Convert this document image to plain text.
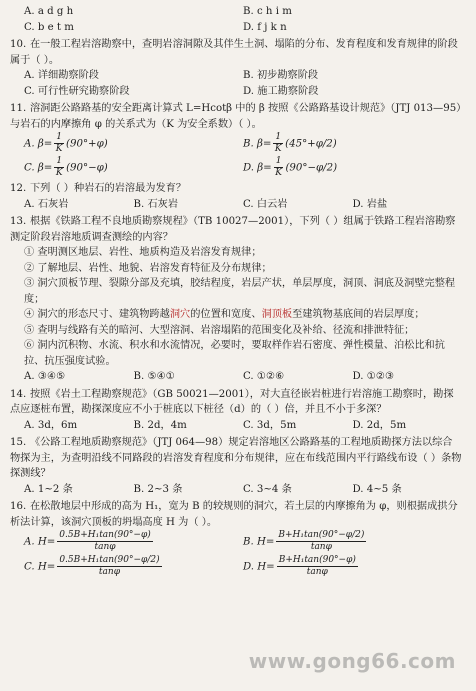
A. a d g h	B. c h i m
C. b e t m	D. f j k n
10. 在一般工程岩溶勘察中，查明岩溶洞隙及其伴生土洞、塌陷的分布、发育程度和发育规律的阶段属于（ ）。
A. 详细勘察阶段	B. 初步勘察阶段
C. 可行性研究勘察阶段	D. 施工勘察阶段
11. 溶洞距公路路基的安全距离计算式 L=Hcotβ 中的 β 按照《公路路基设计规范》（JTJ 013—95）与岩石的内摩擦角 φ 的关系式为（K 为安全系数）（ ）。
A. $\beta= \frac{1}{K} (90^\circ+\varphi)$	B. $\beta= \frac{1}{K} (45^\circ+\varphi/2)$
C. $\beta= \frac{1}{K} (90^\circ-\varphi)$	D. $\beta= \frac{1}{K} (90^\circ-\varphi/2)$
12. 下列（ ）种岩石的岩溶最为发育？
A. 石灰岩	B. 石灰岩	C. 白云岩	D. 岩盐
13. 根据《铁路工程不良地质勘察规程》（TB 10027—2001），下列（ ）组属于铁路工程岩溶勘察测定阶段岩溶地质调查测绘的内容？
① 查明测区地层、岩性、地质构造及岩溶发育规律；
② 了解地层、岩性、地貌、岩溶发育特征及分布规律；
③ 洞穴顶板节理、裂隙分部及充填，胶结程度，岩层产状，单层厚度，洞顶、洞底及洞壁完整程度；
④ 洞穴的形态尺寸、建筑物跨越洞穴的位置和宽度、洞顶板至建筑物基底间的岩层厚度；
⑤ 查明与线路有关的暗河、大型溶洞、岩溶塌陷的范围变化及补给、径流和排泄特征；
⑥ 洞内沉积物、水流、积水和水流情况，必要时，要取样作岩石密度、弹性模量、泊松比和抗拉、抗压强度试验。
A. ③④⑤	B. ⑤④①	C. ①②⑥	D. ①②③
14. 按照《岩土工程勘察规范》（GB 50021—2001），对大直径嵌岩桩进行岩溶施工勘察时，勘探点应逐桩布置，勘探深度应不小于桩底以下桩径（d）的（ ）倍，并且不小于多深？
A. 3d，6m	B. 2d，4m	C. 3d，5m	D. 2d，5m
15. 《公路工程地质勘察规范》（JTJ 064—98）规定岩溶地区公路路基的工程地质勘探方法以综合物探为主，为查明沿线不同路段的岩溶发育程度和分布规律，应在布线范围内平行路线布设（ ）条物探测线？
A. 1~2 条	B. 2~3 条	C. 3~4 条	D. 4~5 条
16. 在松散地层中形成的高为 H₁，宽为 B 的较规则的洞穴，若土层的内摩擦角为 φ，则根据成拱分析法计算，该洞穴顶板的坍塌高度 H 为（ ）。
A. $H= \frac{\text{0.5B+H₁tan(90°−φ)}}{\tan\varphi}$	B. $H= \frac{\text{B+H₁tan(90°−φ/2)}}{\tan\varphi}$
C. $H= \frac{\text{0.5B+H₁tan(90°−φ/2)}}{\tan\varphi}$	D. $H= \frac{\text{B+H₁tan(90°−φ)}}{\tan\varphi}$
www.gong66.com
